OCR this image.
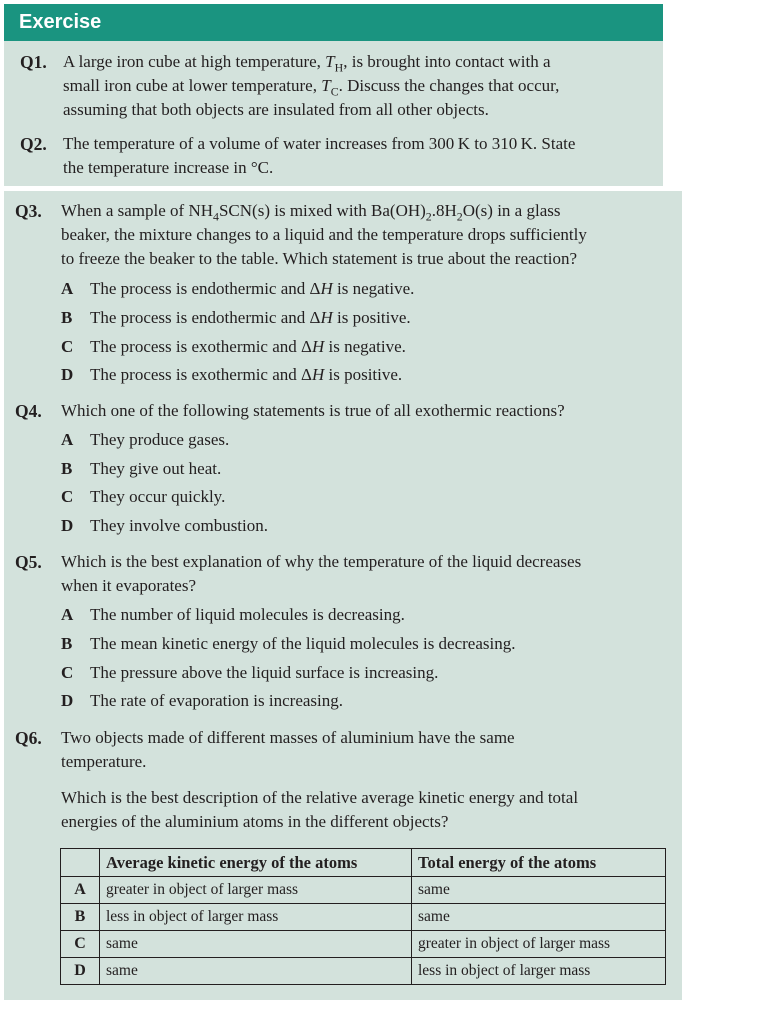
Exercise
Q1. A large iron cube at high temperature, $T_H$, is brought into contact with a
small iron cube at lower temperature, $T_C$. Discuss the changes that occur,
assuming that both objects are insulated from all other objects.
Q2. The temperature of a volume of water increases from 300 K to 310 K. State
the temperature increase in °C.
Q3. When a sample of $NH_4SCN(s)$ is mixed with $Ba(OH)_2.8H_2O(s)$ in a glass
beaker, the mixture changes to a liquid and the temperature drops sufficiently
to freeze the beaker to the table. Which statement is true about the reaction?
A The process is endothermic and ΔH is negative.
B The process is endothermic and ΔH is positive.
C The process is exothermic and ΔH is negative.
D The process is exothermic and ΔH is positive.
Q4. Which one of the following statements is true of all exothermic reactions?
A They produce gases.
B They give out heat.
C They occur quickly.
D They involve combustion.
Q5. Which is the best explanation of why the temperature of the liquid decreases
when it evaporates?
A The number of liquid molecules is decreasing.
B The mean kinetic energy of the liquid molecules is decreasing.
C The pressure above the liquid surface is increasing.
D The rate of evaporation is increasing.
Q6. Two objects made of different masses of aluminium have the same
temperature.
Which is the best description of the relative average kinetic energy and total
energies of the aluminium atoms in the different objects?
	Average kinetic energy of the atoms	Total energy of the atoms
A	greater in object of larger mass	same
B	less in object of larger mass	same
C	same	greater in object of larger mass
D	same	less in object of larger mass
